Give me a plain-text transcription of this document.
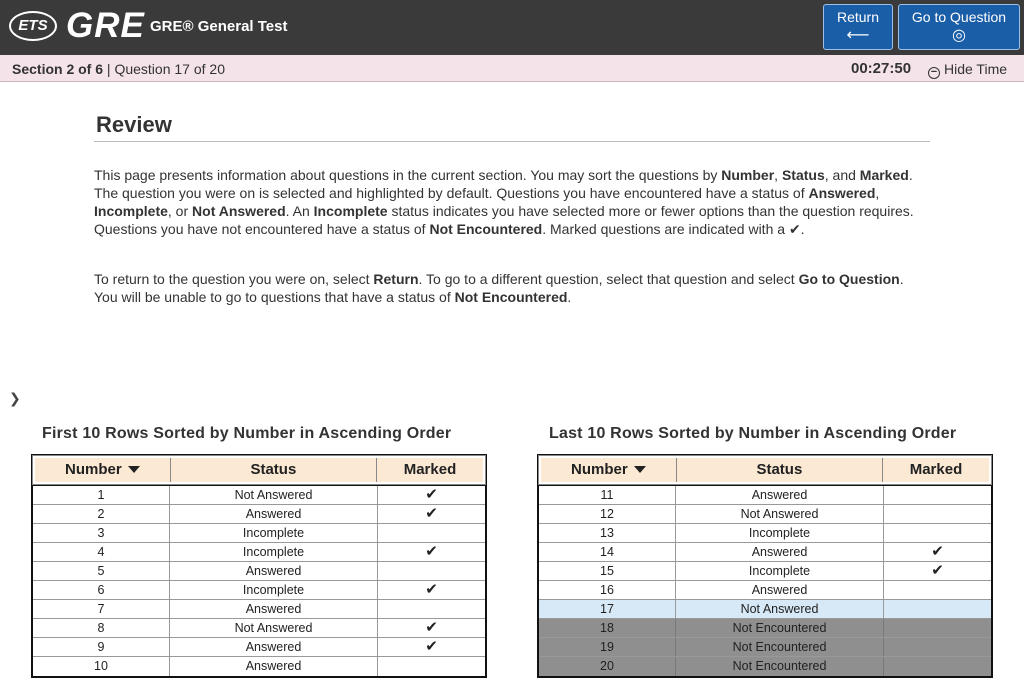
ETS GRE GRE® General Test
Return
⟵
Go to Question
◎
Section 2 of 6 | Question 17 of 20	00:27:50 − Hide Time
Review
This page presents information about questions in the current section. You may sort the questions by Number, Status, and Marked. The question you were on is selected and highlighted by default. Questions you have encountered have a status of Answered, Incomplete, or Not Answered. An Incomplete status indicates you have selected more or fewer options than the question requires. Questions you have not encountered have a status of Not Encountered. Marked questions are indicated with a ✔.
To return to the question you were on, select Return. To go to a different question, select that question and select Go to Question. You will be unable to go to questions that have a status of Not Encountered.
❯
First 10 Rows Sorted by Number in Ascending Order
Number	Status	Marked
1	Not Answered	✔
2	Answered	✔
3	Incomplete
4	Incomplete	✔
5	Answered
6	Incomplete	✔
7	Answered
8	Not Answered	✔
9	Answered	✔
10	Answered
Last 10 Rows Sorted by Number in Ascending Order
Number	Status	Marked
11	Answered
12	Not Answered
13	Incomplete
14	Answered	✔
15	Incomplete	✔
16	Answered
17	Not Answered
18	Not Encountered
19	Not Encountered
20	Not Encountered
